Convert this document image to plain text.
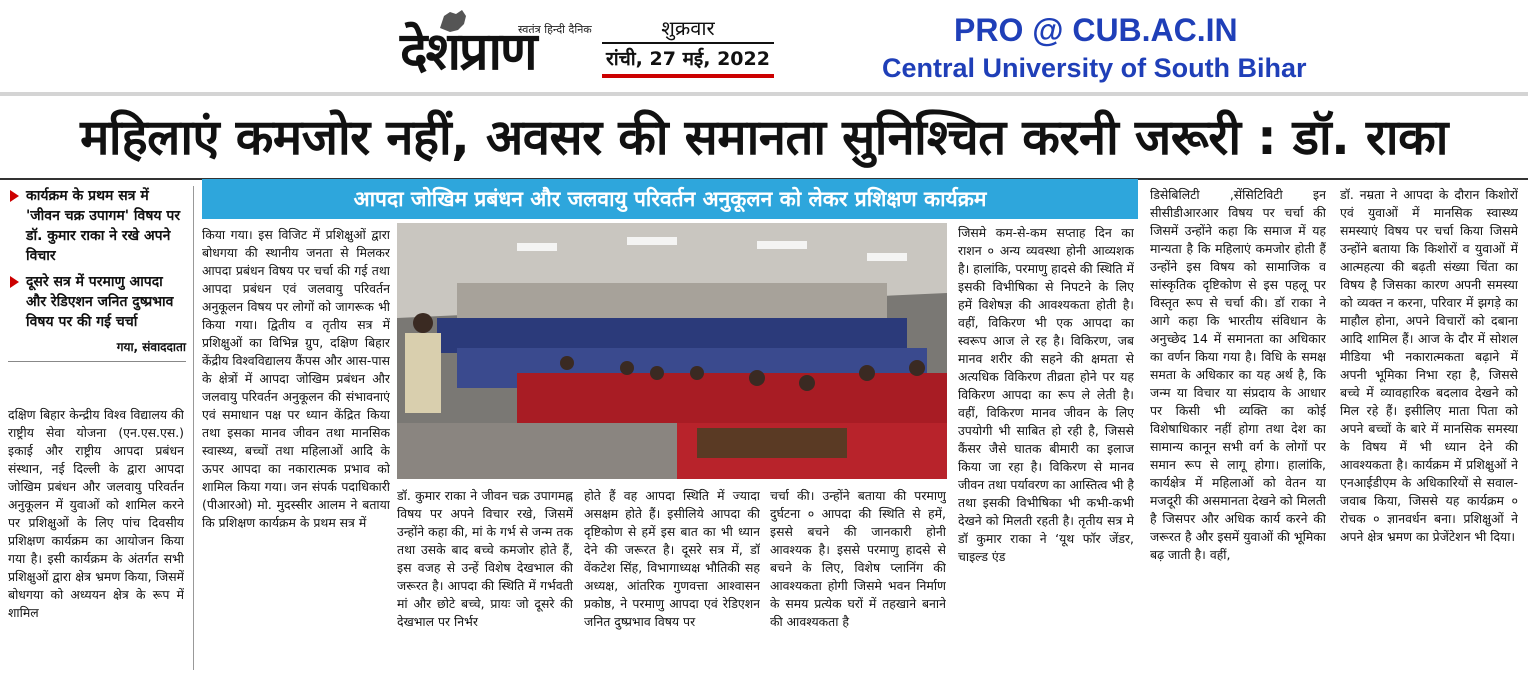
देशप्राण
स्वतंत्र हिन्दी दैनिक	शुक्रवार
रांची, 27 मई, 2022
PRO @ CUB.AC.IN
Central University of South Bihar
महिलाएं कमजोर नहीं, अवसर की समानता सुनिश्चित करनी जरूरी : डॉ. राका
कार्यक्रम के प्रथम सत्र में 'जीवन चक्र उपागम' विषय पर डॉ. कुमार राका ने रखे अपने विचार
दूसरे सत्र में परमाणु आपदा और रेडिएशन जनित दुष्प्रभाव विषय पर की गई चर्चा
गया, संवाददाता
आपदा जोखिम प्रबंधन और जलवायु परिवर्तन अनुकूलन को लेकर प्रशिक्षण कार्यक्रम

दक्षिण बिहार केन्द्रीय विश्व विद्यालय की राष्ट्रीय सेवा योजना (एन.एस.एस.) इकाई और राष्ट्रीय आपदा प्रबंधन संस्थान, नई दिल्ली के द्वारा आपदा जोखिम प्रबंधन और जलवायु परिवर्तन अनुकूलन में युवाओं को शामिल करने पर प्रशिक्षुओं के लिए पांच दिवसीय प्रशिक्षण कार्यक्रम का आयोजन किया गया है। इसी कार्यक्रम के अंतर्गत सभी प्रशिक्षुओं द्वारा क्षेत्र भ्रमण किया, जिसमें बोधगया को अध्ययन क्षेत्र के रूप में शामिल

किया गया। इस विजिट में प्रशिक्षुओं द्वारा बोधगया की स्थानीय जनता से मिलकर आपदा प्रबंधन विषय पर चर्चा की गई तथा आपदा प्रबंधन एवं जलवायु परिवर्तन अनुकूलन विषय पर लोगों को जागरूक भी किया गया। द्वितीय व तृतीय सत्र में प्रशिक्षुओं का विभिन्न ग्रुप, दक्षिण बिहार केंद्रीय विश्वविद्यालय कैंपस और आस-पास के क्षेत्रों में आपदा जोखिम प्रबंधन और जलवायु परिवर्तन अनुकूलन की संभावनाएं एवं समाधान पक्ष पर ध्यान केंद्रित किया तथा इसका मानव जीवन तथा मानसिक स्वास्थ्य, बच्चों तथा महिलाओं आदि के ऊपर आपदा का नकारात्मक प्रभाव को शामिल किया गया। जन संपर्क पदाधिकारी (पीआरओ) मो. मुदस्सीर आलम ने बताया कि प्रशिक्षण कार्यक्रम के प्रथम सत्र में

डॉ. कुमार राका ने जीवन चक्र उपागमह्न विषय पर अपने विचार रखे, जिसमें उन्होंने कहा की, मां के गर्भ से जन्म तक तथा उसके बाद बच्चे कमजोर होते हैं, इस वजह से उन्हें विशेष देखभाल की जरूरत है। आपदा की स्थिति में गर्भवती मां और छोटे बच्चे, प्रायः जो दूसरे की देखभाल पर निर्भर

होते हैं वह आपदा स्थिति में ज्यादा असक्षम होते हैं। इसीलिये आपदा की दृष्टिकोण से हमें इस बात का भी ध्यान देने की जरूरत है। दूसरे सत्र में, डॉ वेंकटेश सिंह, विभागाध्यक्ष भौतिकी सह अध्यक्ष, आंतरिक गुणवत्ता आश्वासन प्रकोष्ठ, ने परमाणु आपदा एवं रेडिएशन जनित दुष्प्रभाव विषय पर

चर्चा की। उन्होंने बताया की परमाणु दुर्घटना ० आपदा की स्थिति से हमें, इससे बचने की जानकारी होनी आवश्यक है। इससे परमाणु हादसे से बचने के लिए, विशेष प्लानिंग की आवश्यकता होगी जिसमे भवन निर्माण के समय प्रत्येक घरों में तहखाने बनाने की आवश्यकता है

जिसमे कम-से-कम सप्ताह दिन का राशन ० अन्य व्यवस्था होनी आव्यशक है। हालांकि, परमाणु हादसे की स्थिति में इसकी विभीषिका से निपटने के लिए हमें विशेषज्ञ की आवश्यकता होती है। वहीं, विकिरण भी एक आपदा का स्वरूप आज ले रह है। विकिरण, जब मानव शरीर की सहने की क्षमता से अत्यधिक विकिरण तीव्रता होने पर यह विकिरण आपदा का रूप ले लेती है। वहीं, विकिरण मानव जीवन के लिए उपयोगी भी साबित हो रही है, जिससे कैंसर जैसे घातक बीमारी का इलाज किया जा रहा है। विकिरण से मानव जीवन तथा पर्यावरण का आस्तित्व भी है तथा इसकी विभीषिका भी कभी-कभी देखने को मिलती रहती है। तृतीय सत्र मे डॉ कुमार राका ने ‘यूथ फॉर जेंडर, चाइल्ड एंड

डिसेबिलिटी ,सेंसिटिविटी इन सीसीडीआरआर विषय पर चर्चा की जिसमें उन्होंने कहा कि समाज में यह मान्यता है कि महिलाएं कमजोर होती हैं उन्होंने इस विषय को सामाजिक व सांस्कृतिक दृष्टिकोण से इस पहलू पर विस्तृत रूप से चर्चा की। डॉ राका ने आगे कहा कि भारतीय संविधान के अनुच्छेद 14 में समानता का अधिकार का वर्णन किया गया है। विधि के समक्ष समता के अधिकार का यह अर्थ है, कि जन्म या विचार या संप्रदाय के आधार पर किसी भी व्यक्ति का कोई विशेषाधिकार नहीं होगा तथा देश का सामान्य कानून सभी वर्ग के लोगों पर समान रूप से लागू होगा। हालांकि, कार्यक्षेत्र में महिलाओं को वेतन या मजदूरी की असमानता देखने को मिलती है जिसपर और अधिक कार्य करने की जरूरत है और इसमें युवाओं की भूमिका बढ़ जाती है। वहीं,

डॉ. नम्रता ने आपदा के दौरान किशोरों एवं युवाओं में मानसिक स्वास्थ्य समस्याएं विषय पर चर्चा किया जिसमे उन्होंने बताया कि किशोरों व युवाओं में आत्महत्या की बढ़ती संख्या चिंता का विषय है जिसका कारण अपनी समस्या को व्यक्त न करना, परिवार में झगड़े का माहौल होना, अपने विचारों को दबाना आदि शामिल हैं। आज के दौर में सोशल मीडिया भी नकारात्मकता बढ़ाने में अपनी भूमिका निभा रहा है, जिससे बच्चे में व्यावहारिक बदलाव देखने को मिल रहे हैं। इसीलिए माता पिता को अपने बच्चों के बारे में मानसिक समस्या के विषय में भी ध्यान देने की आवश्यकता है। कार्यक्रम में प्रशिक्षुओं ने एनआईडीएम के अधिकारियों से सवाल-जवाब किया, जिससे यह कार्यक्रम ० रोचक ० ज्ञानवर्धन बना। प्रशिक्षुओं ने अपने क्षेत्र भ्रमण का प्रेजेंटेशन भी दिया।
